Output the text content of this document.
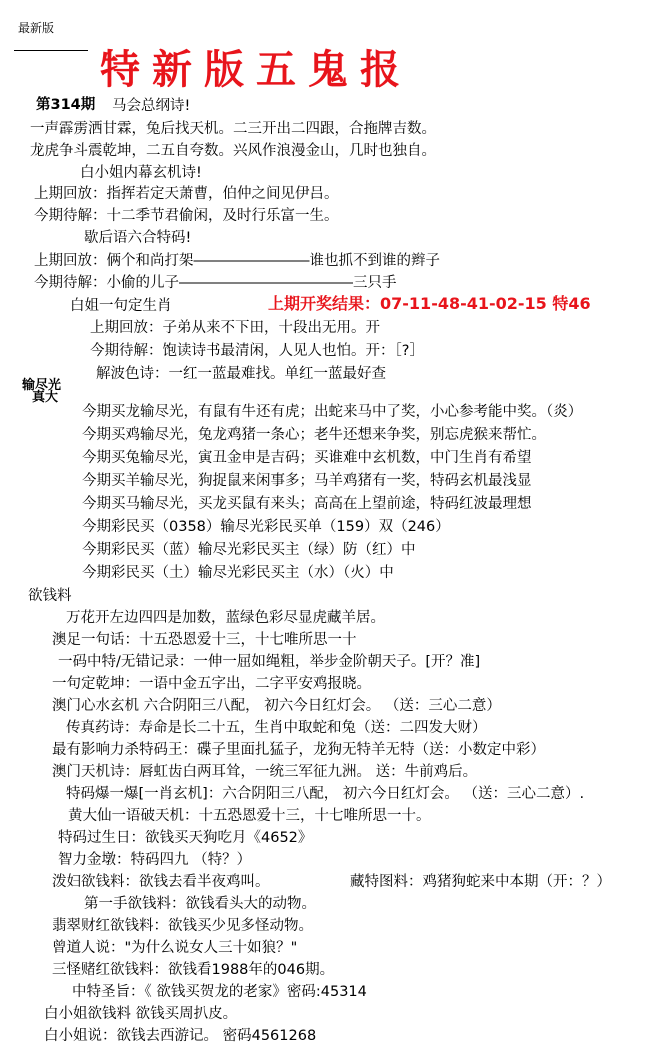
最新版
特新版五鬼报
第314期 马会总纲诗!
一声霹雳洒甘霖，兔后找天机。二三开出二四跟，合拖牌吉数。
龙虎争斗震乾坤，二五自夸数。兴风作浪漫金山，几时也独自。
白小姐内幕玄机诗!
上期回放：指挥若定天萧曹，伯仲之间见伊吕。
今期待解：十二季节君偷闲，及时行乐富一生。
歇后语六合特码!
上期回放：俩个和尚打架――――――――谁也抓不到谁的辫子
今期待解：小偷的儿子――――――――――――三只手
白姐一句定生肖	上期开奖结果：07-11-48-41-02-15 特46
上期回放：子弟从来不下田，十段出无用。开
今期待解：饱读诗书最清闲，人见人也怕。开：［?］
解波色诗：一红一蓝最难找。单红一蓝最好查
输尽光
真大
今期买龙输尽光，有鼠有牛还有虎；出蛇来马中了奖，小心参考能中奖。（炎）
今期买鸡输尽光，兔龙鸡猪一条心；老牛还想来争奖，别忘虎猴来帮忙。
今期买兔输尽光，寅丑金申是吉码；买谁难中玄机数，中门生肖有希望
今期买羊输尽光，狗捉鼠来闲事多；马羊鸡猪有一奖，特码玄机最浅显
今期买马输尽光，买龙买鼠有来头；高高在上望前途，特码红波最理想
今期彩民买（0358）输尽光彩民买单（159）双（246）
今期彩民买（蓝）输尽光彩民买主（绿）防（红）中
今期彩民买（土）输尽光彩民买主（水）（火）中
欲钱料
万花开左边四四是加数，蓝绿色彩尽显虎藏羊居。
澳足一句话：十五恐恩爱十三，十七唯所思一十
一码中特/无错记录：一伸一屈如绳粗，举步金阶朝天子。[开？准]
一句定乾坤：一语中金五字出，二字平安鸡报晓。
澳门心水玄机 六合阴阳三八配， 初六今日红灯会。 （送：三心二意）
传真药诗：寿命是长二十五，生肖中取蛇和兔（送：二四发大财）
最有影响力杀特码王：碟子里面扎猛子，龙狗无特羊无特（送：小数定中彩）
澳门天机诗：唇虹齿白两耳耸，一统三军征九洲。 送：牛前鸡后。
特码爆一爆[一肖玄机]：六合阴阳三八配， 初六今日红灯会。 （送：三心二意）.
黄大仙一语破天机：十五恐恩爱十三，十七唯所思一十。
特码过生日：欲钱买天狗吃月《4652》
智力金墩：特码四九 （特？）
泼妇欲钱料：欲钱去看半夜鸡叫。	藏特图料：鸡猪狗蛇来中本期（开：？）
第一手欲钱料：欲钱看头大的动物。
翡翠财红欲钱料：欲钱买少见多怪动物。
曾道人说："为什么说女人三十如狼？"
三怪赌红欲钱料：欲钱看1988年的046期。
中特圣旨：《 欲钱买贺龙的老家》密码:45314
白小姐欲钱料 欲钱买周扒皮。
白小姐说：欲钱去西游记。 密码4561268
